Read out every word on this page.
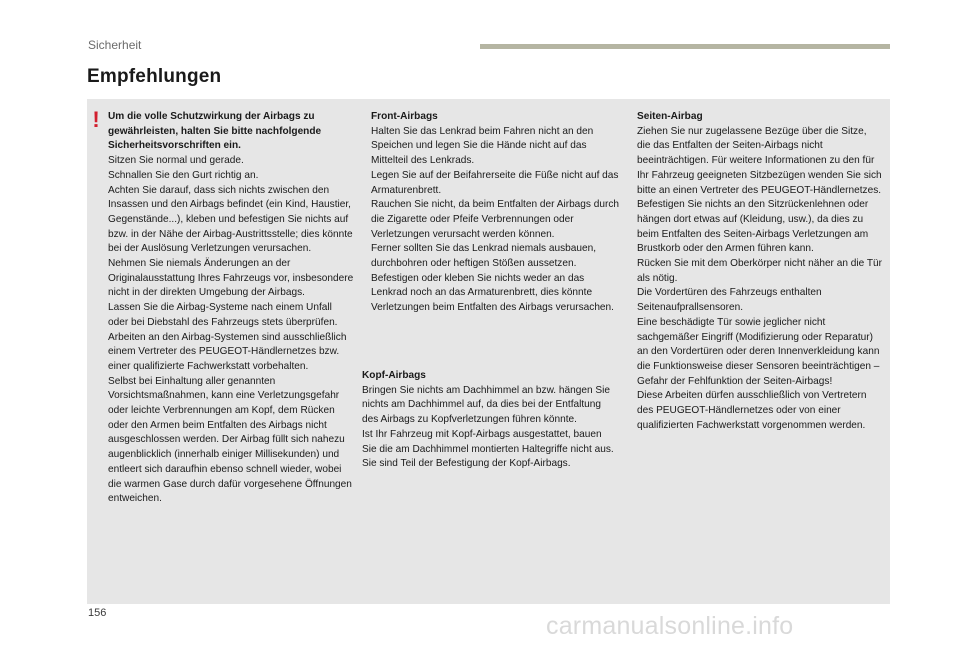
Sicherheit
Empfehlungen
! Um die volle Schutzwirkung der Airbags zu gewährleisten, halten Sie bitte nachfolgende Sicherheitsvorschriften ein.

Sitzen Sie normal und gerade.

Schnallen Sie den Gurt richtig an.

Achten Sie darauf, dass sich nichts zwischen den Insassen und den Airbags befindet (ein Kind, Haustier, Gegenstände...), kleben und befestigen Sie nichts auf bzw. in der Nähe der Airbag-Austrittsstelle; dies könnte bei der Auslösung Verletzungen verursachen.

Nehmen Sie niemals Änderungen an der Originalausstattung Ihres Fahrzeugs vor, insbesondere nicht in der direkten Umgebung der Airbags.

Lassen Sie die Airbag-Systeme nach einem Unfall oder bei Diebstahl des Fahrzeugs stets überprüfen.

Arbeiten an den Airbag-Systemen sind ausschließlich einem Vertreter des PEUGEOT-Händlernetzes bzw. einer qualifizierte Fachwerkstatt vorbehalten.

Selbst bei Einhaltung aller genannten Vorsichtsmaßnahmen, kann eine Verletzungsgefahr oder leichte Verbrennungen am Kopf, dem Rücken oder den Armen beim Entfalten des Airbags nicht ausgeschlossen werden. Der Airbag füllt sich nahezu augenblicklich (innerhalb einiger Millisekunden) und entleert sich daraufhin ebenso schnell wieder, wobei die warmen Gase durch dafür vorgesehene Öffnungen entweichen.

Front-Airbags

Halten Sie das Lenkrad beim Fahren nicht an den Speichen und legen Sie die Hände nicht auf das Mittelteil des Lenkrads.

Legen Sie auf der Beifahrerseite die Füße nicht auf das Armaturenbrett.

Rauchen Sie nicht, da beim Entfalten der Airbags durch die Zigarette oder Pfeife Verbrennungen oder Verletzungen verursacht werden können.

Ferner sollten Sie das Lenkrad niemals ausbauen, durchbohren oder heftigen Stößen aussetzen.

Befestigen oder kleben Sie nichts weder an das Lenkrad noch an das Armaturenbrett, dies könnte Verletzungen beim Entfalten des Airbags verursachen.

Kopf-Airbags

Bringen Sie nichts am Dachhimmel an bzw. hängen Sie nichts am Dachhimmel auf, da dies bei der Entfaltung des Airbags zu Kopfverletzungen führen könnte.

Ist Ihr Fahrzeug mit Kopf-Airbags ausgestattet, bauen Sie die am Dachhimmel montierten Haltegriffe nicht aus. Sie sind Teil der Befestigung der Kopf-Airbags.

Seiten-Airbag

Ziehen Sie nur zugelassene Bezüge über die Sitze, die das Entfalten der Seiten-Airbags nicht beeinträchtigen. Für weitere Informationen zu den für Ihr Fahrzeug geeigneten Sitzbezügen wenden Sie sich bitte an einen Vertreter des PEUGEOT-Händlernetzes.

Befestigen Sie nichts an den Sitzrückenlehnen oder hängen dort etwas auf (Kleidung, usw.), da dies zu beim Entfalten des Seiten-Airbags Verletzungen am Brustkorb oder den Armen führen kann.

Rücken Sie mit dem Oberkörper nicht näher an die Tür als nötig.

Die Vordertüren des Fahrzeugs enthalten Seitenaufprallsensoren.

Eine beschädigte Tür sowie jeglicher nicht sachgemäßer Eingriff (Modifizierung oder Reparatur) an den Vordertüren oder deren Innenverkleidung kann die Funktionsweise dieser Sensoren beeinträchtigen – Gefahr der Fehlfunktion der Seiten-Airbags!

Diese Arbeiten dürfen ausschließlich von Vertretern des PEUGEOT-Händlernetzes oder von einer qualifizierten Fachwerkstatt vorgenommen werden.

156	carmanualsonline.info
